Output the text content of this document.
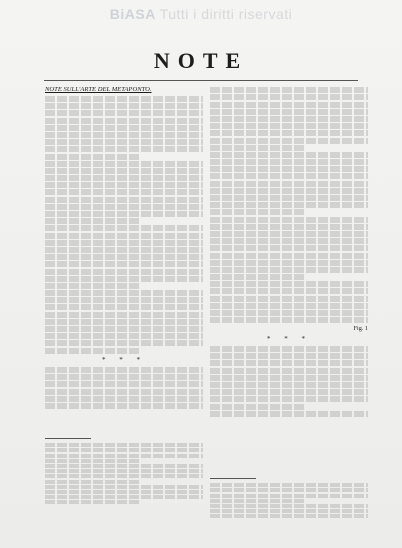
BiASA Tutti i diritti riservati
NOTE
NOTE SULL'ARTE DEL METAPONTO.
* * *
Fig. 1
* * *
